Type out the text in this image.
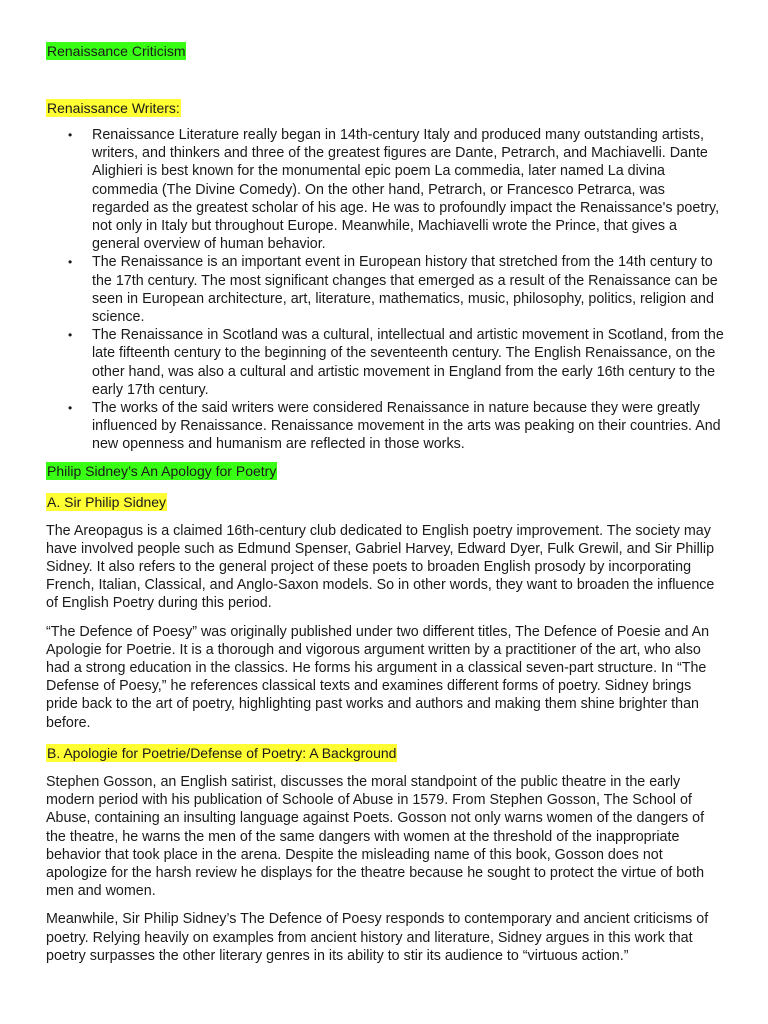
Renaissance Criticism

Renaissance Writers:

• Renaissance Literature really began in 14th-century Italy and produced many outstanding artists, writers, and thinkers and three of the greatest figures are Dante, Petrarch, and Machiavelli. Dante Alighieri is best known for the monumental epic poem La commedia, later named La divina commedia (The Divine Comedy). On the other hand, Petrarch, or Francesco Petrarca, was regarded as the greatest scholar of his age. He was to profoundly impact the Renaissance's poetry, not only in Italy but throughout Europe. Meanwhile, Machiavelli wrote the Prince, that gives a general overview of human behavior.
• The Renaissance is an important event in European history that stretched from the 14th century to the 17th century. The most significant changes that emerged as a result of the Renaissance can be seen in European architecture, art, literature, mathematics, music, philosophy, politics, religion and science.
• The Renaissance in Scotland was a cultural, intellectual and artistic movement in Scotland, from the late fifteenth century to the beginning of the seventeenth century. The English Renaissance, on the other hand, was also a cultural and artistic movement in England from the early 16th century to the early 17th century.
• The works of the said writers were considered Renaissance in nature because they were greatly influenced by Renaissance. Renaissance movement in the arts was peaking on their countries. And new openness and humanism are reflected in those works.

Philip Sidney’s An Apology for Poetry

A. Sir Philip Sidney

The Areopagus is a claimed 16th-century club dedicated to English poetry improvement. The society may have involved people such as Edmund Spenser, Gabriel Harvey, Edward Dyer, Fulk Grewil, and Sir Phillip Sidney. It also refers to the general project of these poets to broaden English prosody by incorporating French, Italian, Classical, and Anglo-Saxon models. So in other words, they want to broaden the influence of English Poetry during this period.

“The Defence of Poesy” was originally published under two different titles, The Defence of Poesie and An Apologie for Poetrie. It is a thorough and vigorous argument written by a practitioner of the art, who also had a strong education in the classics. He forms his argument in a classical seven-part structure. In “The Defense of Poesy,” he references classical texts and examines different forms of poetry. Sidney brings pride back to the art of poetry, highlighting past works and authors and making them shine brighter than before.

B. Apologie for Poetrie/Defense of Poetry: A Background

Stephen Gosson, an English satirist, discusses the moral standpoint of the public theatre in the early modern period with his publication of Schoole of Abuse in 1579. From Stephen Gosson, The School of Abuse, containing an insulting language against Poets. Gosson not only warns women of the dangers of the theatre, he warns the men of the same dangers with women at the threshold of the inappropriate behavior that took place in the arena. Despite the misleading name of this book, Gosson does not apologize for the harsh review he displays for the theatre because he sought to protect the virtue of both men and women.

Meanwhile, Sir Philip Sidney’s The Defence of Poesy responds to contemporary and ancient criticisms of poetry. Relying heavily on examples from ancient history and literature, Sidney argues in this work that poetry surpasses the other literary genres in its ability to stir its audience to “virtuous action.”
